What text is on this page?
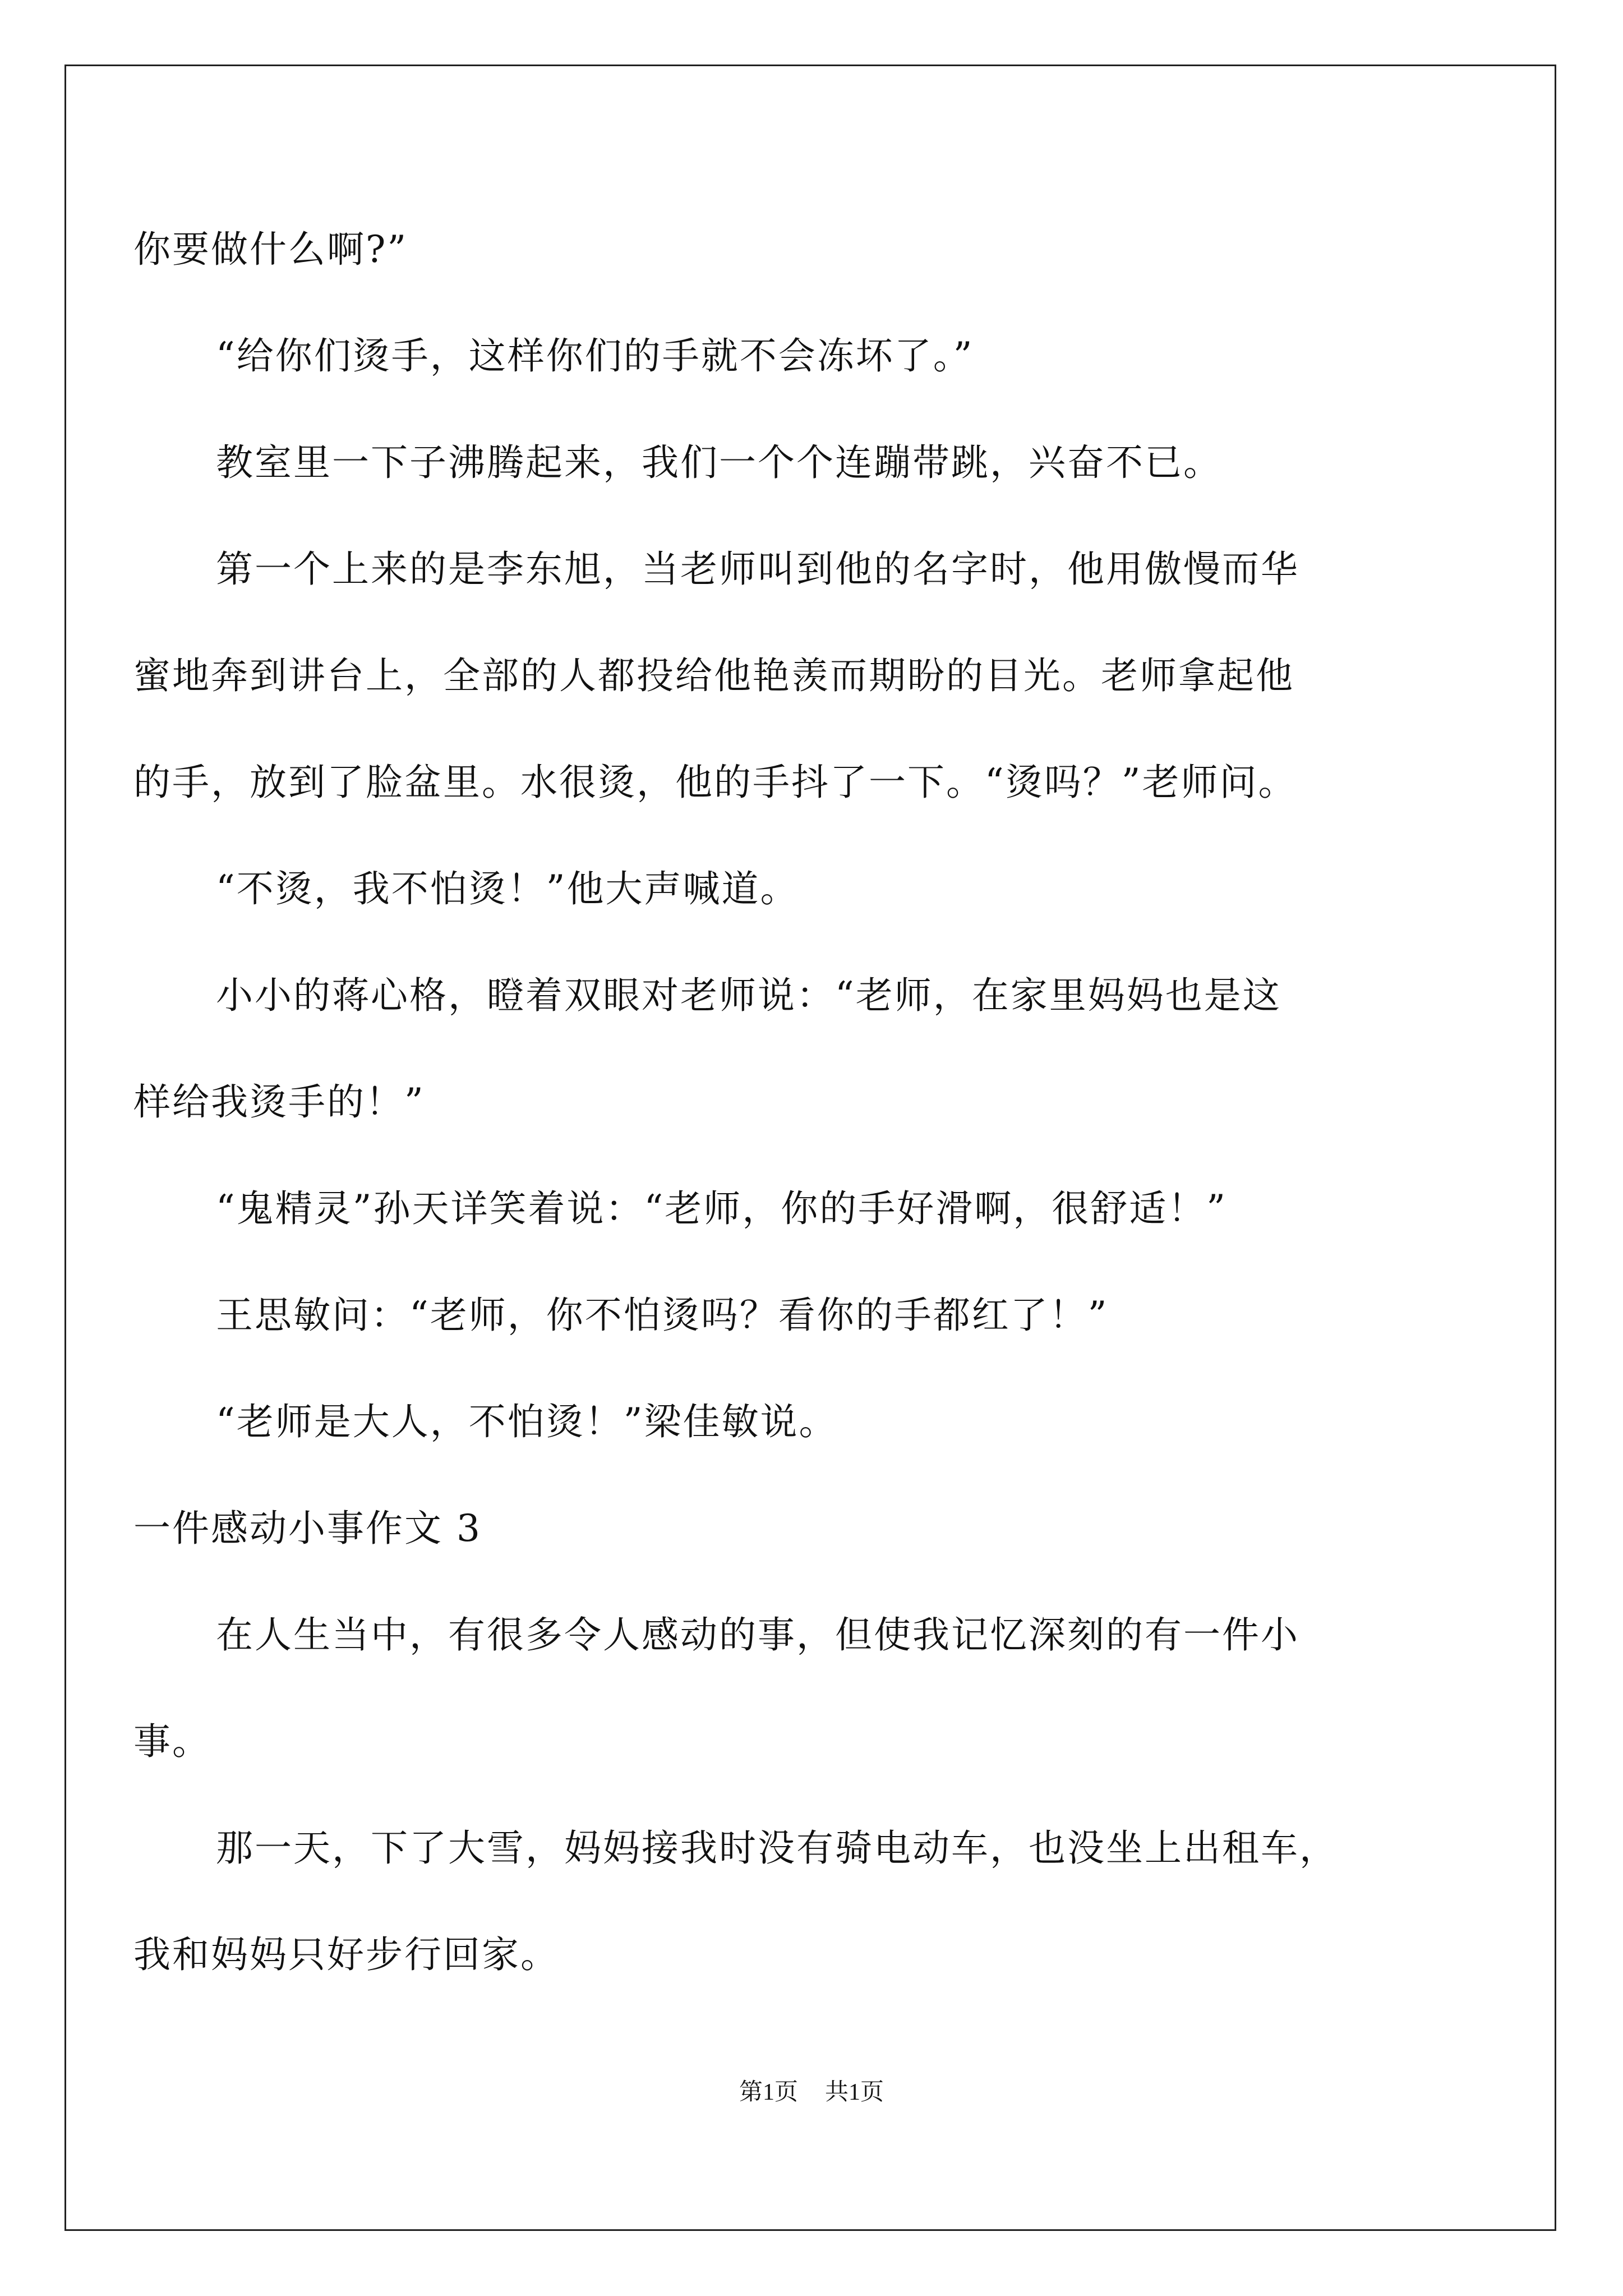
你要做什么啊?”
“给你们烫手，这样你们的手就不会冻坏了。”
教室里一下子沸腾起来，我们一个个连蹦带跳，兴奋不已。
第一个上来的是李东旭，当老师叫到他的名字时，他用傲慢而华
蜜地奔到讲台上，全部的人都投给他艳羡而期盼的目光。老师拿起他
的手，放到了脸盆里。水很烫，他的手抖了一下。“烫吗？”老师问。
“不烫，我不怕烫！”他大声喊道。
小小的蒋心格，瞪着双眼对老师说：“老师，在家里妈妈也是这
样给我烫手的！”
“鬼精灵”孙天详笑着说：“老师，你的手好滑啊，很舒适！”
王思敏问：“老师，你不怕烫吗？看你的手都红了！”
“老师是大人，不怕烫！”梁佳敏说。
一件感动小事作文 3
在人生当中，有很多令人感动的事，但使我记忆深刻的有一件小
事。
那一天，下了大雪，妈妈接我时没有骑电动车，也没坐上出租车，
我和妈妈只好步行回家。
第1页 共1页
